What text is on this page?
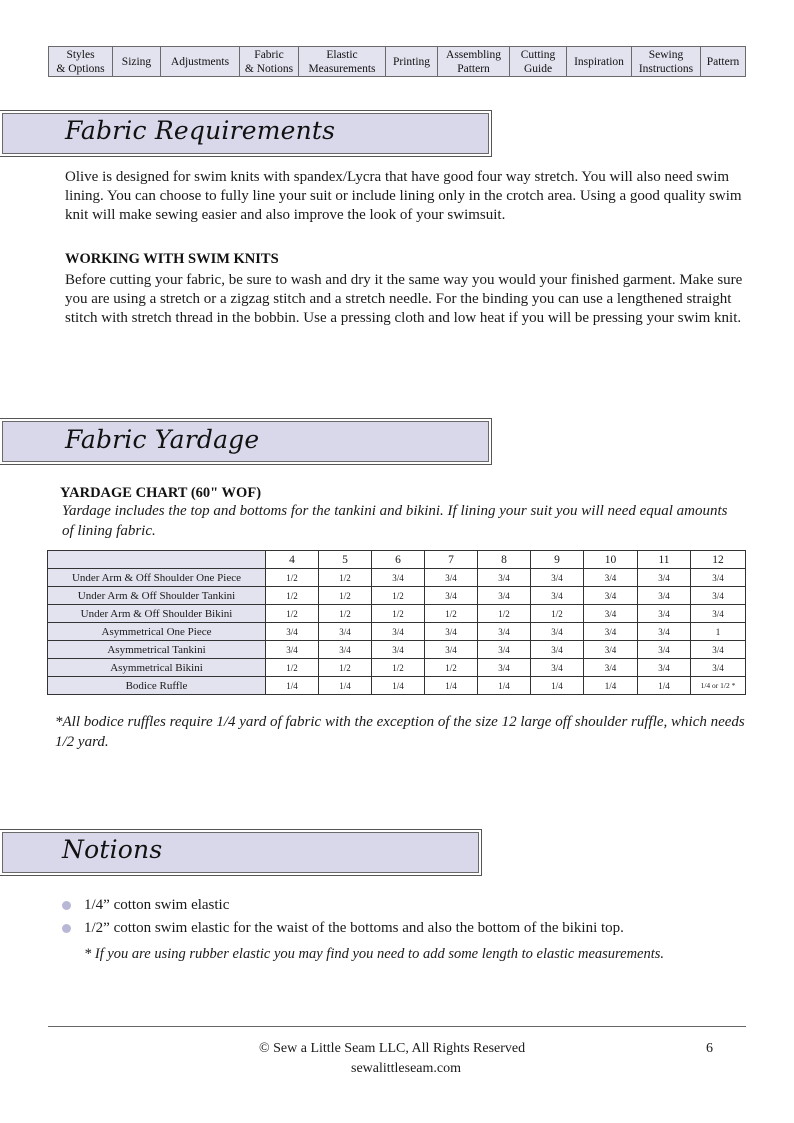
Styles
& Options
Sizing	Adjustments
Fabric
& Notions
Elastic
Measurements
Printing
Assembling
Pattern
Cutting
Guide
Inspiration
Sewing
Instructions
Pattern
Fabric Requirements
Olive is designed for swim knits with spandex/Lycra that have good four way stretch. You will also need swim lining. You can choose to fully line your suit or include lining only in the crotch area. Using a good quality swim knit will make sewing easier and also improve the look of your swimsuit.
WORKING WITH SWIM KNITS
Before cutting your fabric, be sure to wash and dry it the same way you would your finished garment. Make sure you are using a stretch or a zigzag stitch and a stretch needle. For the binding you can use a lengthened straight stitch with stretch thread in the bobbin. Use a pressing cloth and low heat if you will be pressing your swim knit.
Fabric Yardage
YARDAGE CHART (60" WOF)
Yardage includes the top and bottoms for the tankini and bikini. If lining your suit you will need equal amounts of lining fabric.
	4	5	6	7	8	9	10	11	12
Under Arm & Off Shoulder One Piece	1/2	1/2	3/4	3/4	3/4	3/4	3/4	3/4	3/4
Under Arm & Off Shoulder Tankini	1/2	1/2	1/2	3/4	3/4	3/4	3/4	3/4	3/4
Under Arm & Off Shoulder Bikini	1/2	1/2	1/2	1/2	1/2	1/2	3/4	3/4	3/4
Asymmetrical One Piece	3/4	3/4	3/4	3/4	3/4	3/4	3/4	3/4	1
Asymmetrical Tankini	3/4	3/4	3/4	3/4	3/4	3/4	3/4	3/4	3/4
Asymmetrical Bikini	1/2	1/2	1/2	1/2	3/4	3/4	3/4	3/4	3/4
Bodice Ruffle	1/4	1/4	1/4	1/4	1/4	1/4	1/4	1/4	1/4 or 1/2 *
*All bodice ruffles require 1/4 yard of fabric with the exception of the size 12 large off shoulder ruffle, which needs 1/2 yard.
Notions
1/4” cotton swim elastic
1/2” cotton swim elastic for the waist of the bottoms and also the bottom of the bikini top.
* If you are using rubber elastic you may find you need to add some length to elastic measurements.
© Sew a Little Seam LLC, All Rights Reserved
sewalittleseam.com
6
